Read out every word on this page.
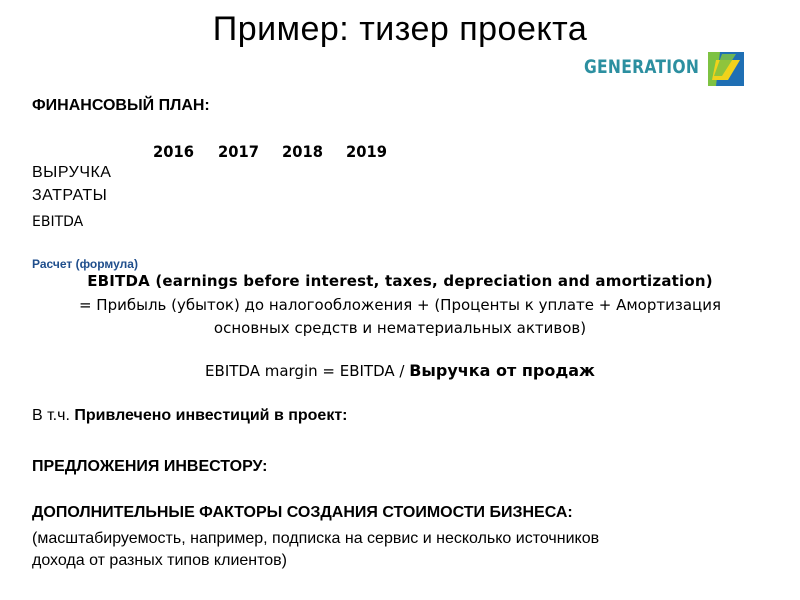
Пример: тизер проекта
GENERATION
ФИНАНСОВЫЙ ПЛАН:
2016 2017 2018 2019
ВЫРУЧКА
ЗАТРАТЫ
EBITDA
Расчет (формула)
EBITDA (earnings before interest, taxes, depreciation and amortization)
= Прибыль (убыток) до налогообложения + (Проценты к уплате + Амортизация
основных средств и нематериальных активов)
EBITDA margin = EBITDA / Выручка от продаж
В т.ч. Привлечено инвестиций в проект:
ПРЕДЛОЖЕНИЯ ИНВЕСТОРУ:
ДОПОЛНИТЕЛЬНЫЕ ФАКТОРЫ СОЗДАНИЯ СТОИМОСТИ БИЗНЕСА:
(масштабируемость, например, подписка на сервис и несколько источников
дохода от разных типов клиентов)
